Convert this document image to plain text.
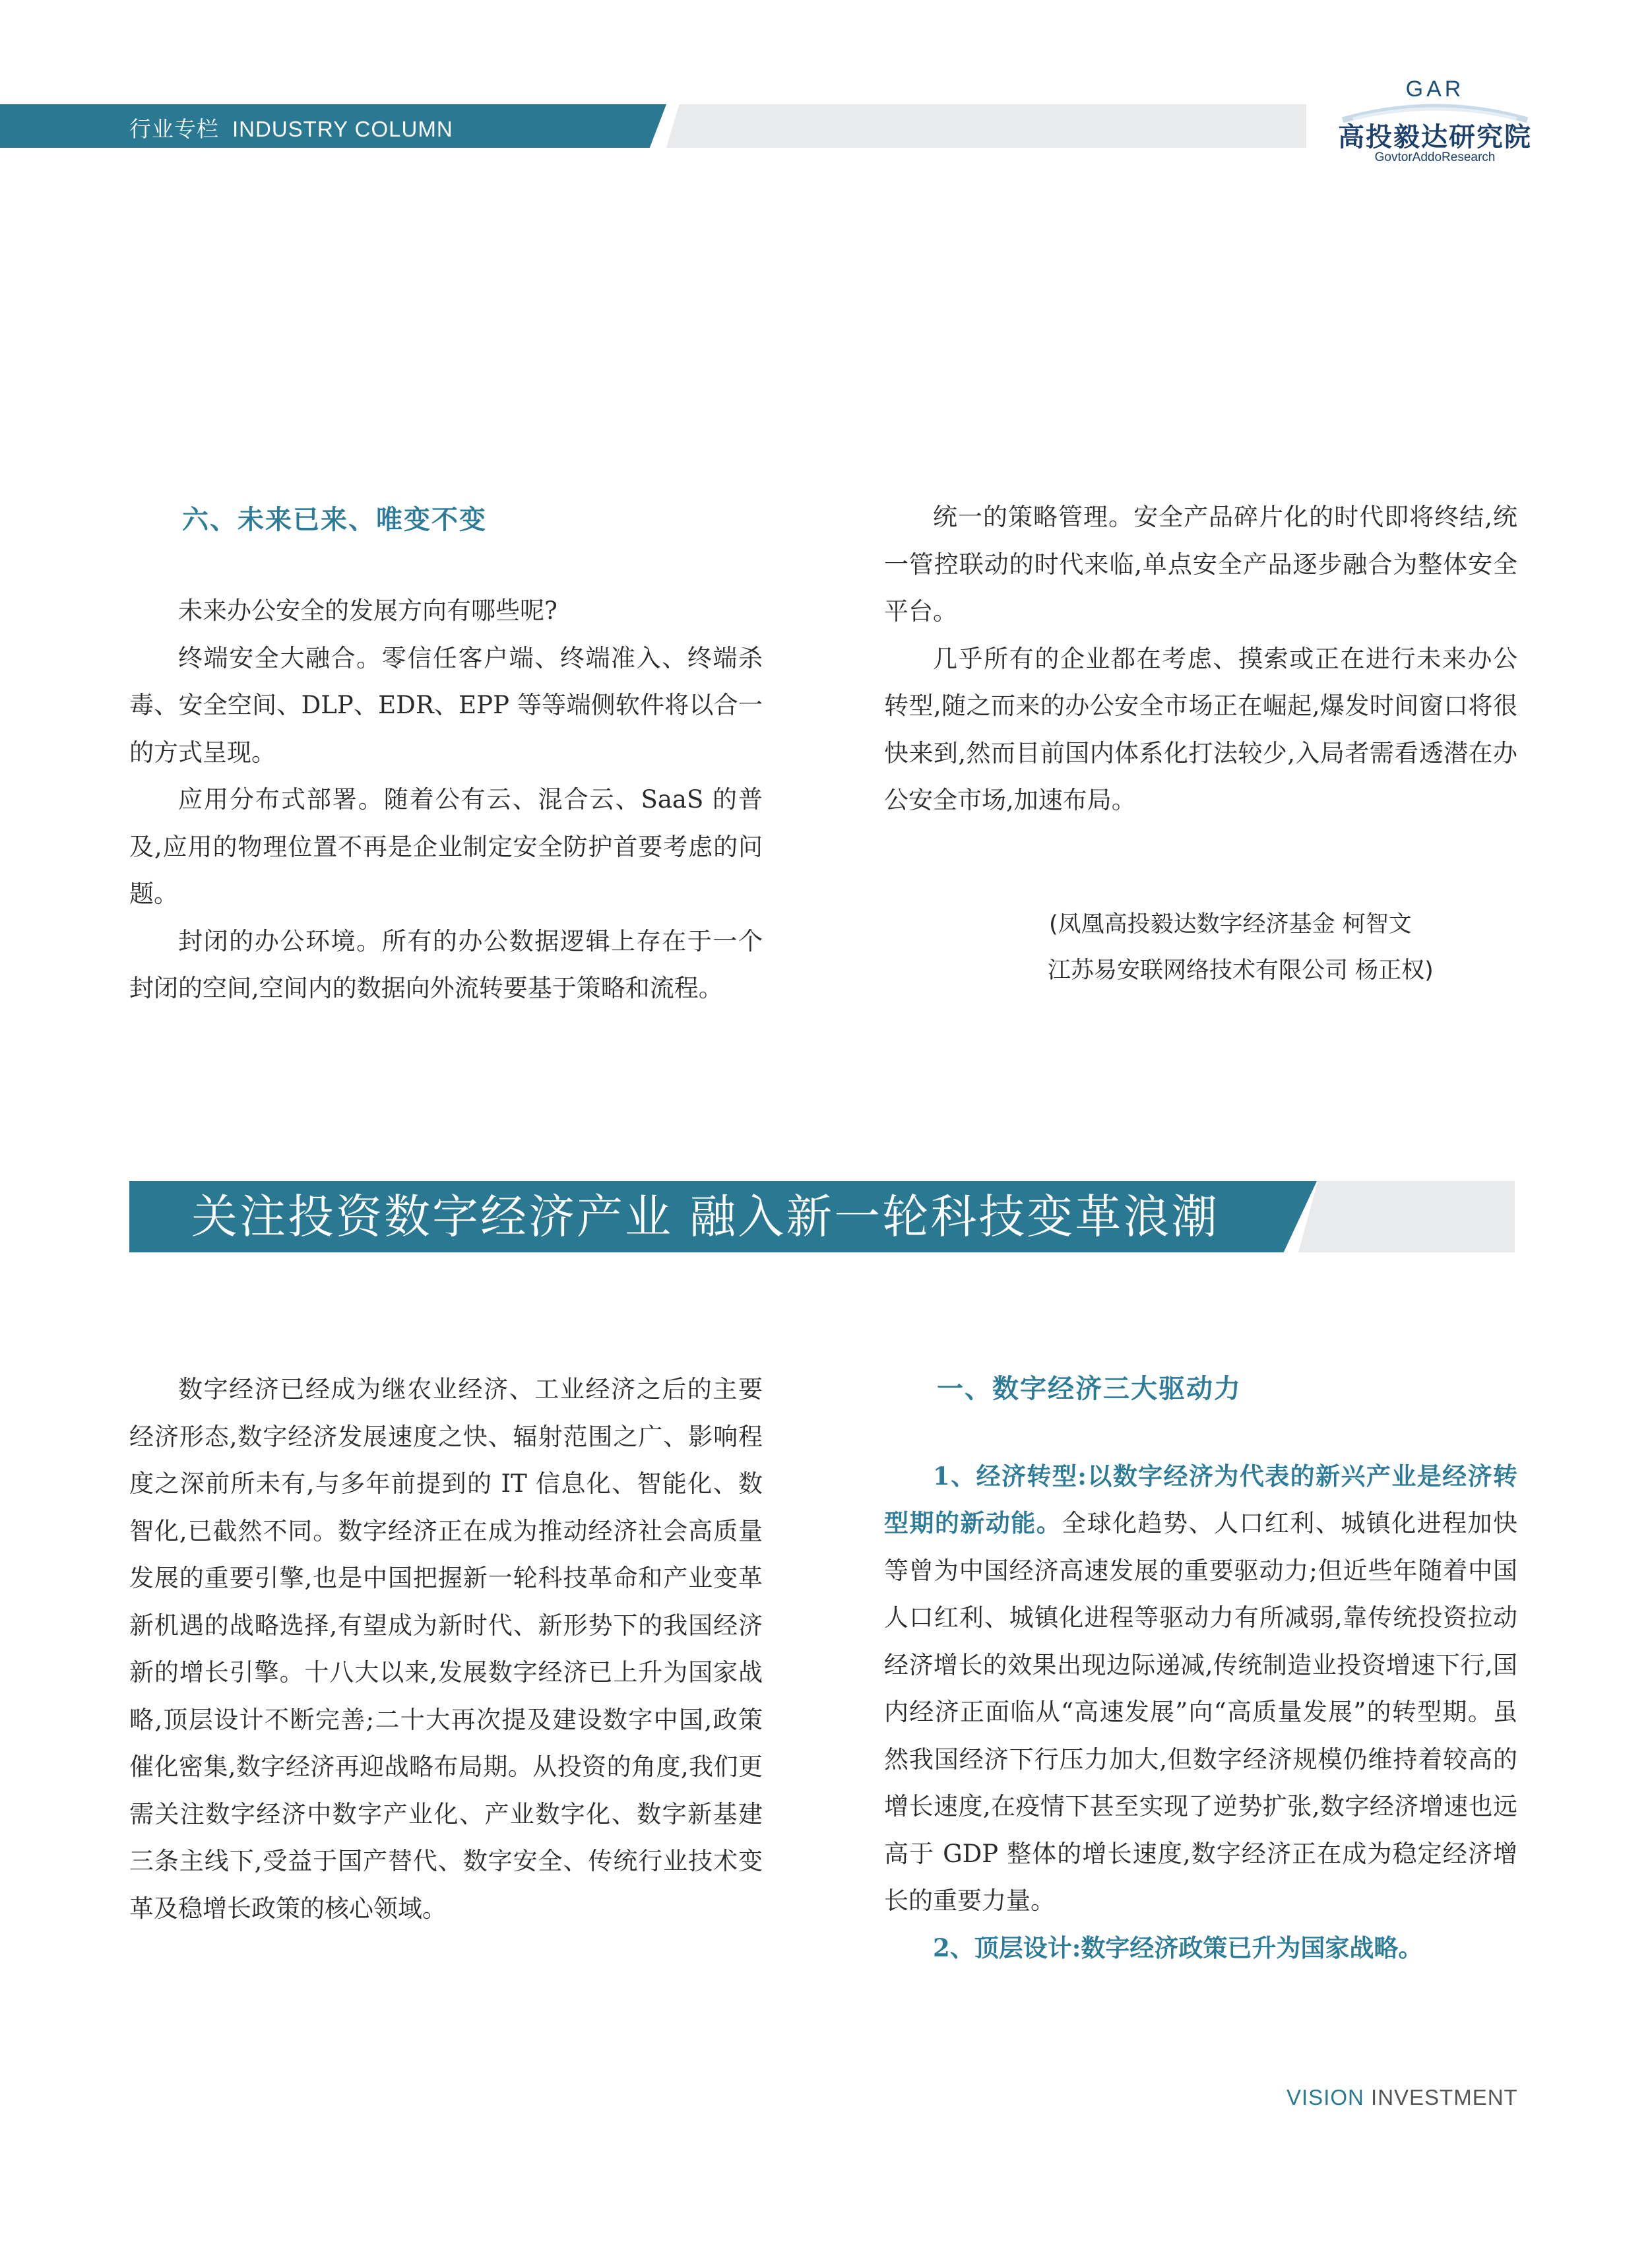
行业专栏 INDUSTRY COLUMN
GAR
高投毅达研究院
GovtorAddoResearch

六、未来已来、唯变不变

未来办公安全的发展方向有哪些呢?

终端安全大融合。零信任客户端、终端准入、终端杀毒、安全空间、DLP、EDR、EPP 等等端侧软件将以合一的方式呈现。

应用分布式部署。随着公有云、混合云、SaaS 的普及,应用的物理位置不再是企业制定安全防护首要考虑的问题。

封闭的办公环境。所有的办公数据逻辑上存在于一个封闭的空间,空间内的数据向外流转要基于策略和流程。

统一的策略管理。安全产品碎片化的时代即将终结,统一管控联动的时代来临,单点安全产品逐步融合为整体安全平台。

几乎所有的企业都在考虑、摸索或正在进行未来办公转型,随之而来的办公安全市场正在崛起,爆发时间窗口将很快来到,然而目前国内体系化打法较少,入局者需看透潜在办公安全市场,加速布局。

(凤凰高投毅达数字经济基金 柯智文
江苏易安联网络技术有限公司 杨正权)
关注投资数字经济产业 融入新一轮科技变革浪潮

数字经济已经成为继农业经济、工业经济之后的主要经济形态,数字经济发展速度之快、辐射范围之广、影响程度之深前所未有,与多年前提到的 IT 信息化、智能化、数智化,已截然不同。数字经济正在成为推动经济社会高质量发展的重要引擎,也是中国把握新一轮科技革命和产业变革新机遇的战略选择,有望成为新时代、新形势下的我国经济新的增长引擎。十八大以来,发展数字经济已上升为国家战略,顶层设计不断完善;二十大再次提及建设数字中国,政策催化密集,数字经济再迎战略布局期。从投资的角度,我们更需关注数字经济中数字产业化、产业数字化、数字新基建三条主线下,受益于国产替代、数字安全、传统行业技术变革及稳增长政策的核心领域。

一、数字经济三大驱动力

1、经济转型:以数字经济为代表的新兴产业是经济转型期的新动能。全球化趋势、人口红利、城镇化进程加快等曾为中国经济高速发展的重要驱动力;但近些年随着中国人口红利、城镇化进程等驱动力有所减弱,靠传统投资拉动经济增长的效果出现边际递减,传统制造业投资增速下行,国内经济正面临从“高速发展”向“高质量发展”的转型期。虽然我国经济下行压力加大,但数字经济规模仍维持着较高的增长速度,在疫情下甚至实现了逆势扩张,数字经济增速也远高于 GDP 整体的增长速度,数字经济正在成为稳定经济增长的重要力量。

2、顶层设计:数字经济政策已升为国家战略。

VISION INVESTMENT
